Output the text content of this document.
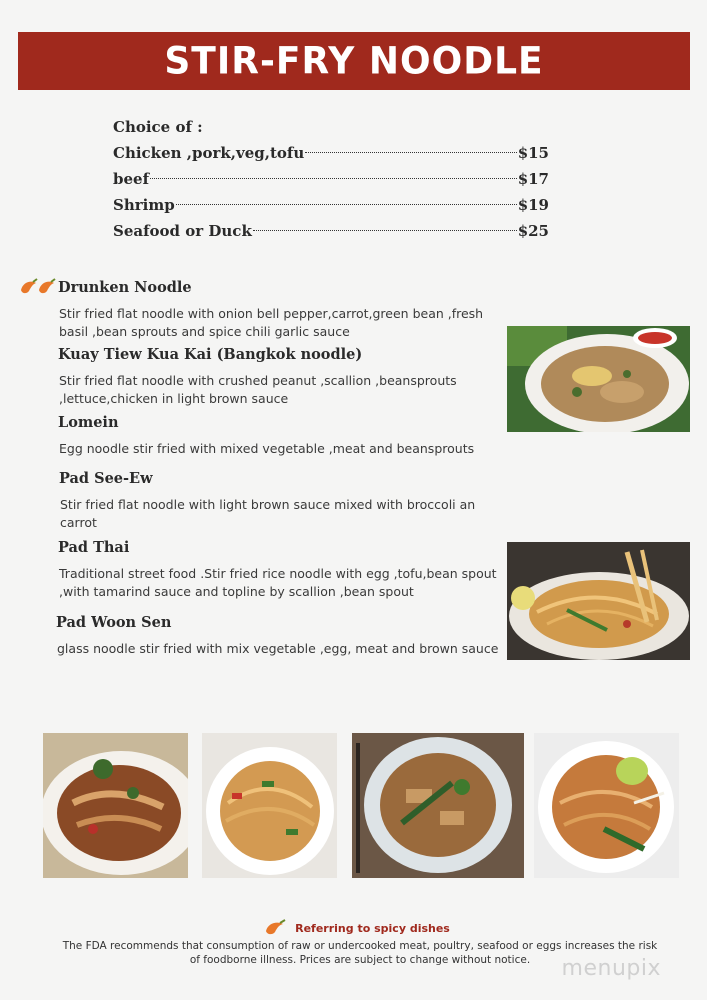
STIR-FRY NOODLE
Choice of :
Chicken ,pork,veg,tofu	$15
beef	$17
Shrimp	$19
Seafood or Duck	$25

Drunken Noodle

Stir fried flat noodle with onion bell pepper,carrot,green bean ,fresh basil ,bean sprouts and spice chili garlic sauce

Kuay Tiew Kua Kai (Bangkok noodle)

Stir fried flat noodle with crushed peanut ,scallion ,beansprouts ,lettuce,chicken in light brown sauce

Lomein

Egg noodle stir fried with mixed vegetable ,meat and beansprouts

Pad See-Ew

Stir fried flat noodle with light brown sauce mixed with broccoli an carrot

Pad Thai

Traditional street food .Stir fried rice noodle with egg ,tofu,bean spout ,with tamarind sauce and topline by scallion ,bean spout

Pad Woon Sen

glass noodle stir fried with mix vegetable ,egg, meat and brown sauce

Referring to spicy dishes
The FDA recommends that consumption of raw or undercooked meat, poultry, seafood or eggs increases the risk of foodborne illness. Prices are subject to change without notice.	menupix
